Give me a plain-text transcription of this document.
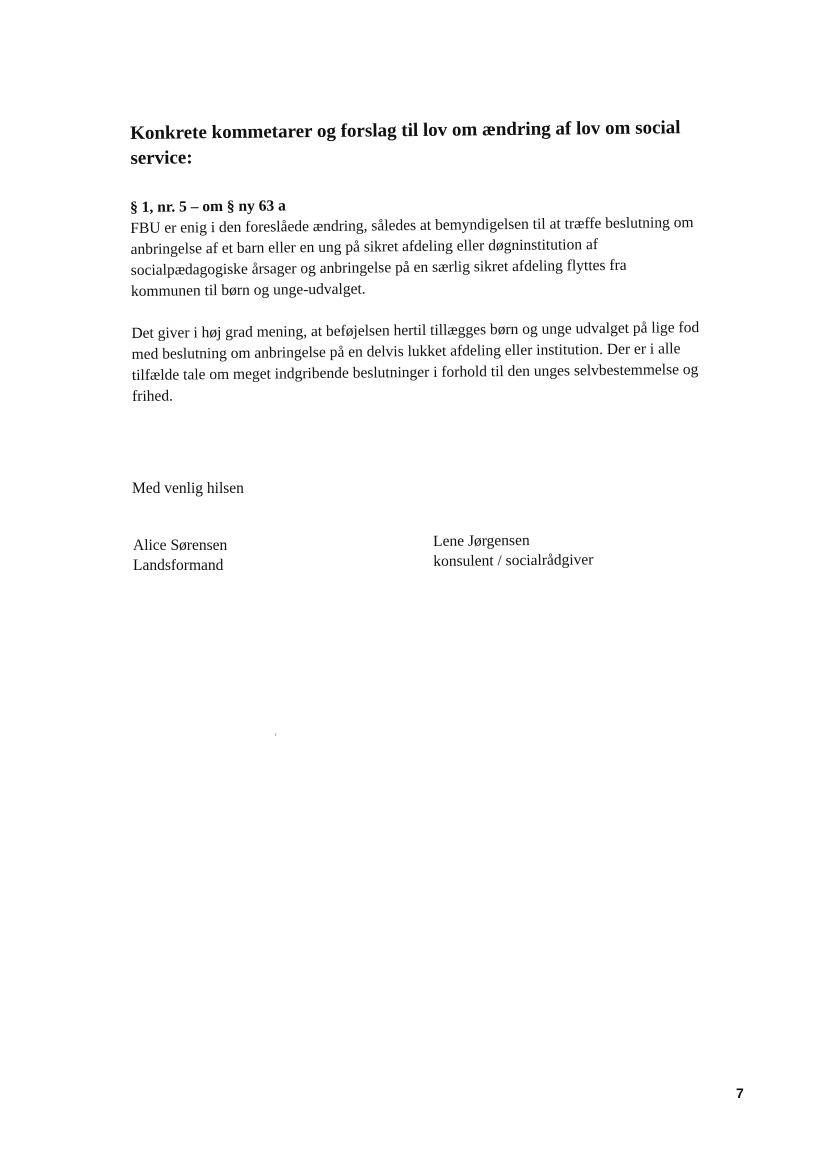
Konkrete kommetarer og forslag til lov om ændring af lov om social
service:

§ 1, nr. 5 – om § ny 63 a

FBU er enig i den foreslåede ændring, således at bemyndigelsen til at træffe beslutning om
anbringelse af et barn eller en ung på sikret afdeling eller døgninstitution af
socialpædagogiske årsager og anbringelse på en særlig sikret afdeling flyttes fra
kommunen til børn og unge-udvalget.

Det giver i høj grad mening, at beføjelsen hertil tillægges børn og unge udvalget på lige fod
med beslutning om anbringelse på en delvis lukket afdeling eller institution. Der er i alle
tilfælde tale om meget indgribende beslutninger i forhold til den unges selvbestemmelse og
frihed.

Med venlig hilsen

Alice Sørensen
Landsformand
Lene Jørgensen
konsulent / socialrådgiver
7
